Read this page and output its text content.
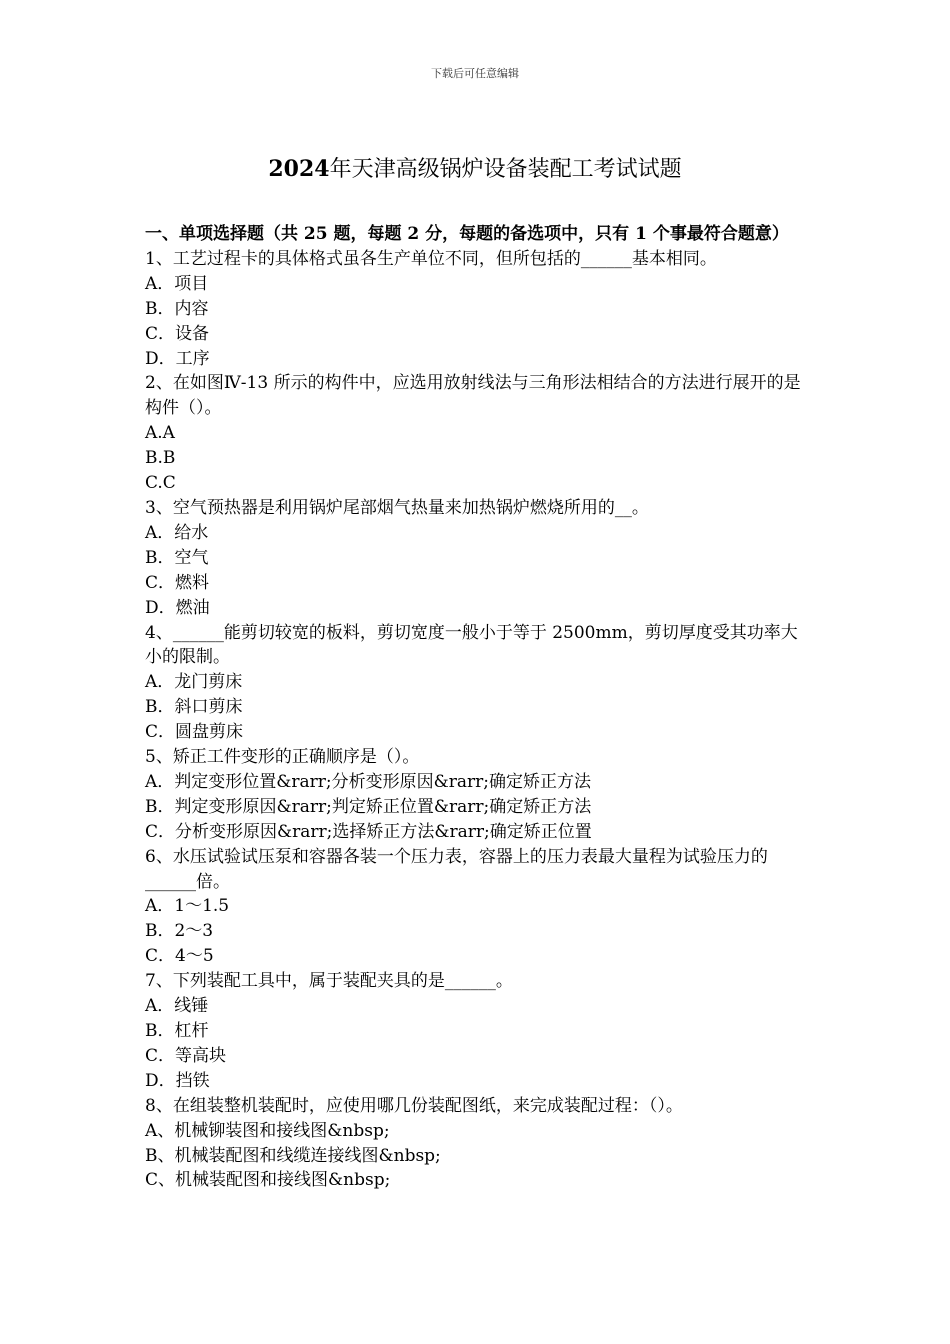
下载后可任意编辑
2024年天津高级锅炉设备装配工考试试题

一、单项选择题（共 25 题，每题 2 分，每题的备选项中，只有 1 个事最符合题意）

1、工艺过程卡的具体格式虽各生产单位不同，但所包括的______基本相同。

A．项目

B．内容

C．设备

D．工序

2、在如图Ⅳ-13 所示的构件中，应选用放射线法与三角形法相结合的方法进行展开的是构件（）。

A.A

B.B

C.C

3、空气预热器是利用锅炉尾部烟气热量来加热锅炉燃烧所用的__。

A．给水

B．空气

C．燃料

D．燃油

4、______能剪切较宽的板料，剪切宽度一般小于等于 2500mm，剪切厚度受其功率大小的限制。

A．龙门剪床

B．斜口剪床

C．圆盘剪床

5、矫正工件变形的正确顺序是（）。

A．判定变形位置&rarr;分析变形原因&rarr;确定矫正方法

B．判定变形原因&rarr;判定矫正位置&rarr;确定矫正方法

C．分析变形原因&rarr;选择矫正方法&rarr;确定矫正位置

6、水压试验试压泵和容器各装一个压力表，容器上的压力表最大量程为试验压力的______倍。

A．1～1.5

B．2～3

C．4～5

7、下列装配工具中，属于装配夹具的是______。

A．线锤

B．杠杆

C．等高块

D．挡铁

8、在组装整机装配时，应使用哪几份装配图纸，来完成装配过程：（）。

A、机械铆装图和接线图&nbsp;

B、机械装配图和线缆连接线图&nbsp;

C、机械装配图和接线图&nbsp;
